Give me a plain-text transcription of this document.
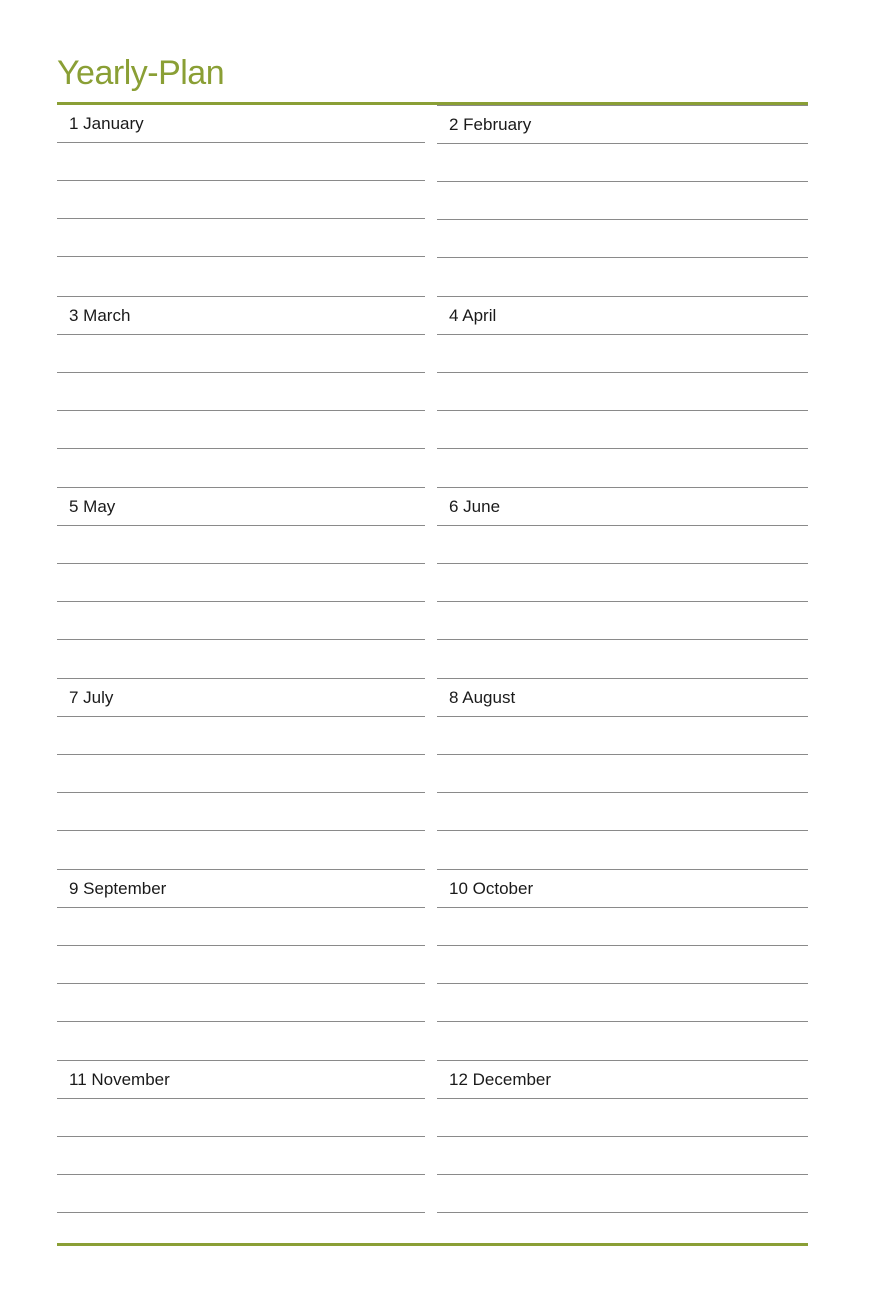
Yearly-Plan
1 January	2 February
3 March	4 April
5 May	6 June
7 July	8 August
9 September	10 October
11 November	12 December
